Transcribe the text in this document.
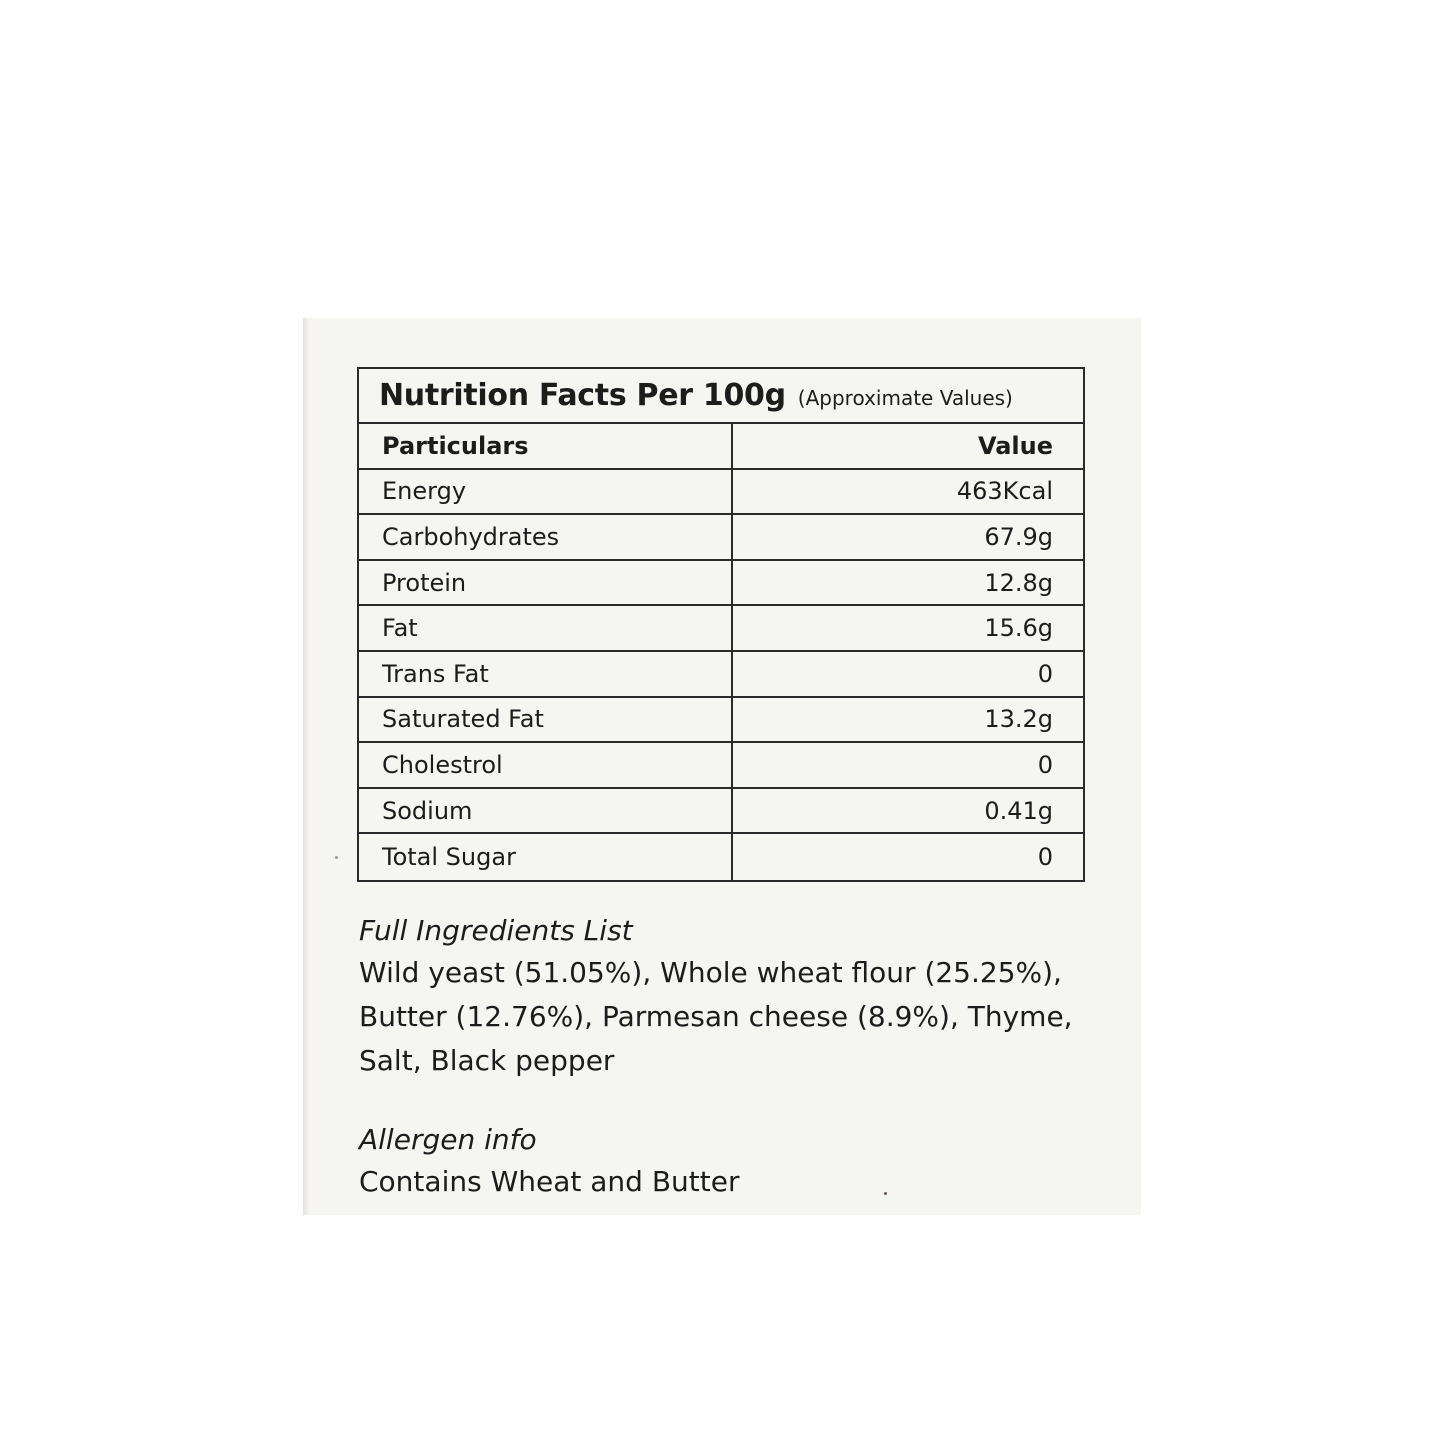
Nutrition Facts Per 100g (Approximate Values)
Particulars	Value
Energy	463Kcal
Carbohydrates	67.9g
Protein	12.8g
Fat	15.6g
Trans Fat	0
Saturated Fat	13.2g
Cholestrol	0
Sodium	0.41g
Total Sugar	0

Full Ingredients List

Wild yeast (51.05%), Whole wheat flour (25.25%), Butter (12.76%), Parmesan cheese (8.9%), Thyme, Salt, Black pepper

Allergen info

Contains Wheat and Butter
